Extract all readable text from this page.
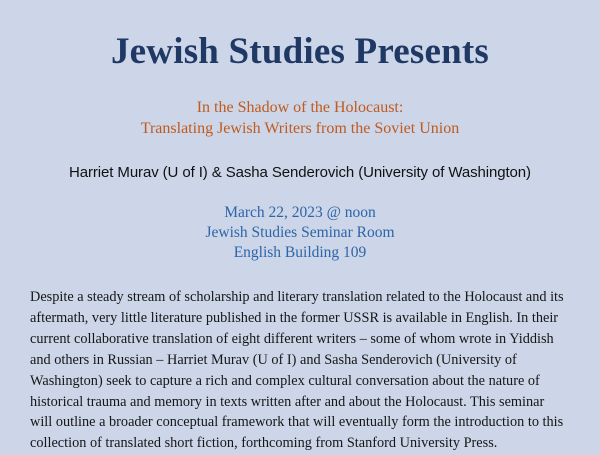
Jewish Studies Presents

In the Shadow of the Holocaust:
Translating Jewish Writers from the Soviet Union

Harriet Murav (U of I) & Sasha Senderovich (University of Washington)

March 22, 2023 @ noon
Jewish Studies Seminar Room
English Building 109

Despite a steady stream of scholarship and literary translation related to the Holocaust and its aftermath, very little literature published in the former USSR is available in English. In their current collaborative translation of eight different writers – some of whom wrote in Yiddish and others in Russian – Harriet Murav (U of I) and Sasha Senderovich (University of Washington) seek to capture a rich and complex cultural conversation about the nature of historical trauma and memory in texts written after and about the Holocaust. This seminar will outline a broader conceptual framework that will eventually form the introduction to this collection of translated short fiction, forthcoming from Stanford University Press.
